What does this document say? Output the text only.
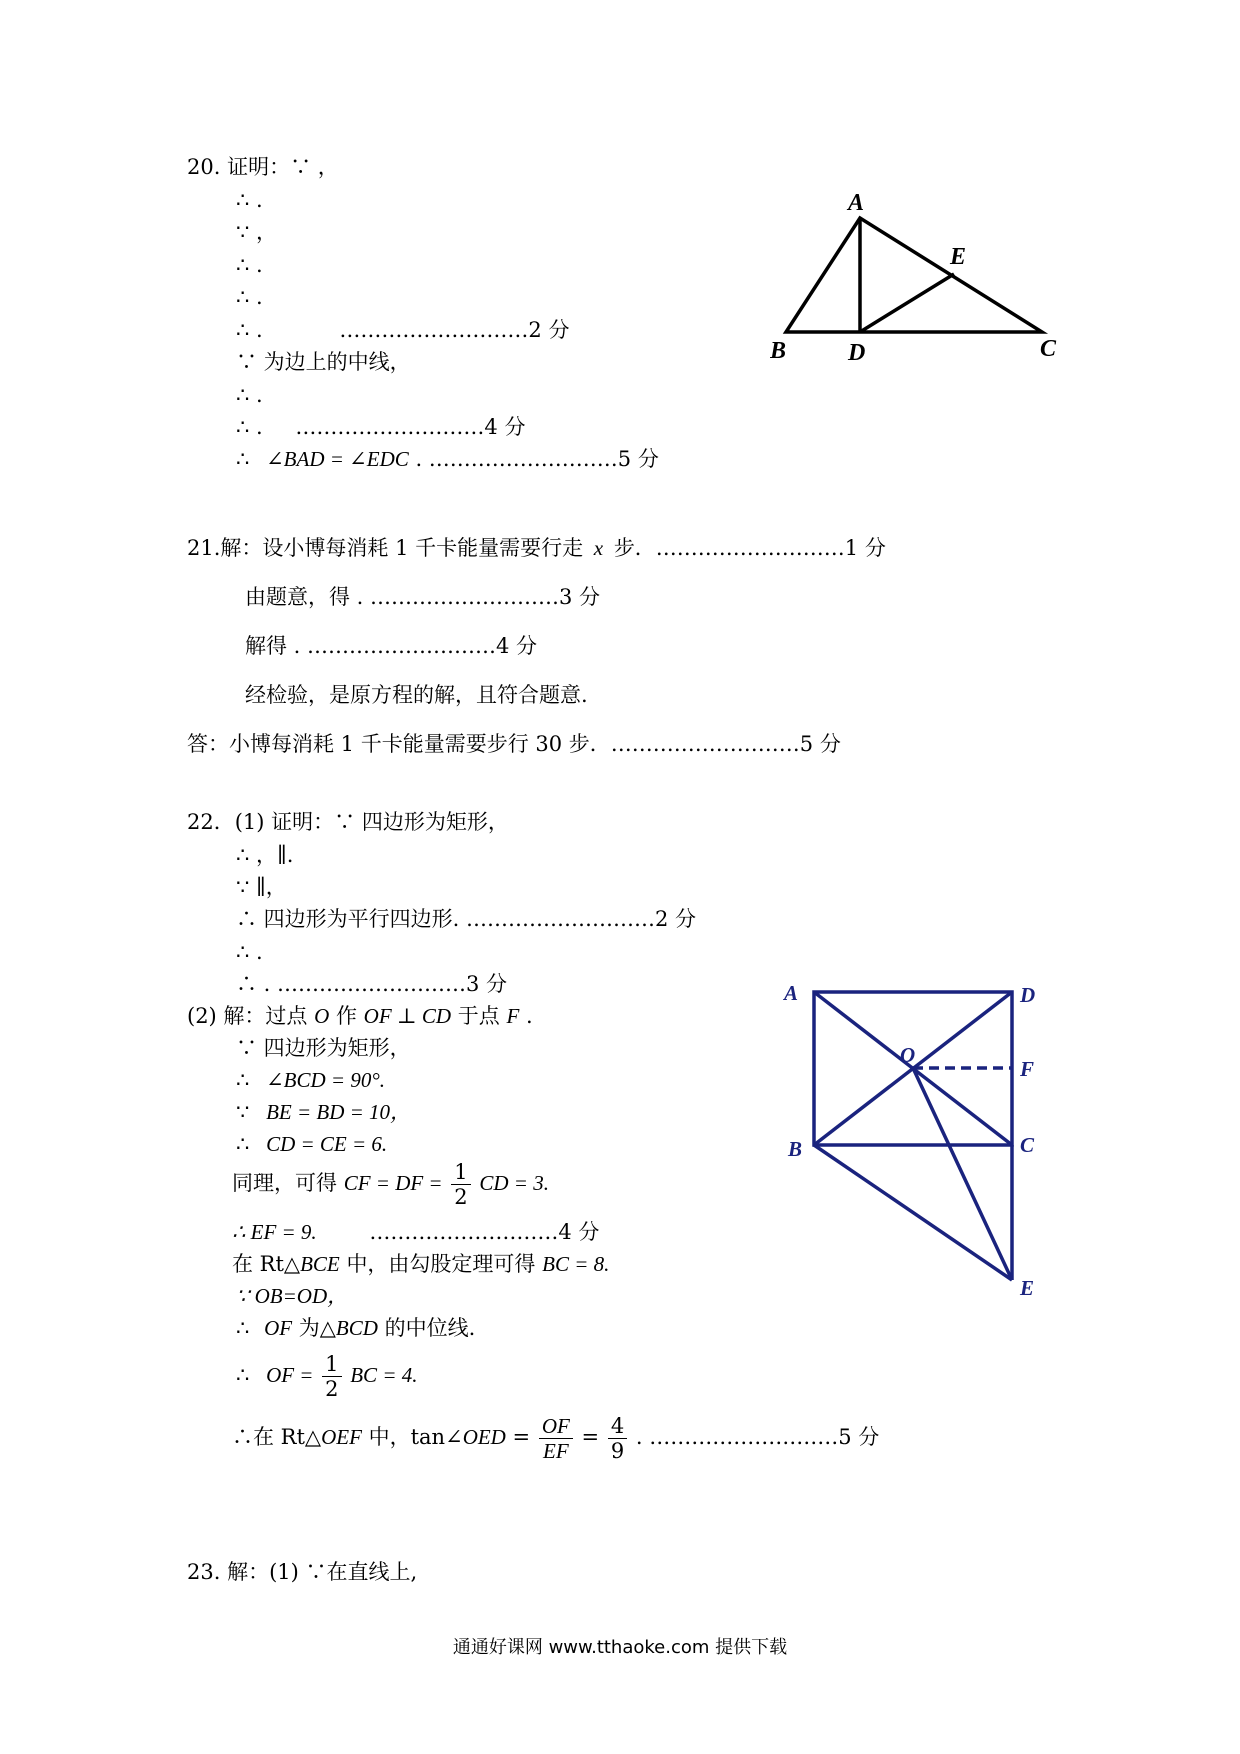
20. 证明：∵ ，
∴ .
∵ ，
∴ .
∴ .
∴ .	………………………2 分
∵ 为边上的中线，
∴ .
∴ . ………………………4 分
∴ ∠BAD = ∠EDC . ………………………5 分
A
E
B	D	C
21.解：设小博每消耗 1 千卡能量需要行走 x 步．………………………1 分
由题意，得 . ………………………3 分
解得 . ………………………4 分
经检验，是原方程的解，且符合题意.
答：小博每消耗 1 千卡能量需要步行 30 步．………………………5 分
22．(1) 证明：∵ 四边形为矩形，
∴ ，∥.
∵ ∥，
∴ 四边形为平行四边形. ………………………2 分
∴ .
∴ . ………………………3 分
(2) 解：过点 O 作 OF ⊥ CD 于点 F .
∵ 四边形为矩形，
∴ ∠BCD = 90°.
∵ BE = BD = 10，
∴ CD = CE = 6.
同理，可得 CF = DF = $\frac{1}{2}$ CD = 3.
∴ EF = 9.	………………………4 分
在 Rt△BCE 中，由勾股定理可得 BC = 8.
∵ OB=OD，
∴ OF 为△BCD 的中位线.
∴ OF = $\frac{1}{2}$ BC = 4.
∴在 Rt△OEF 中，tan∠OED = $\frac{OF}{EF} = \frac{4}{9}$ . ………………………5 分
A	D
O
F
B	C
E
23. 解：(1) ∵在直线上,
通通好课网 www.tthaoke.com 提供下载
